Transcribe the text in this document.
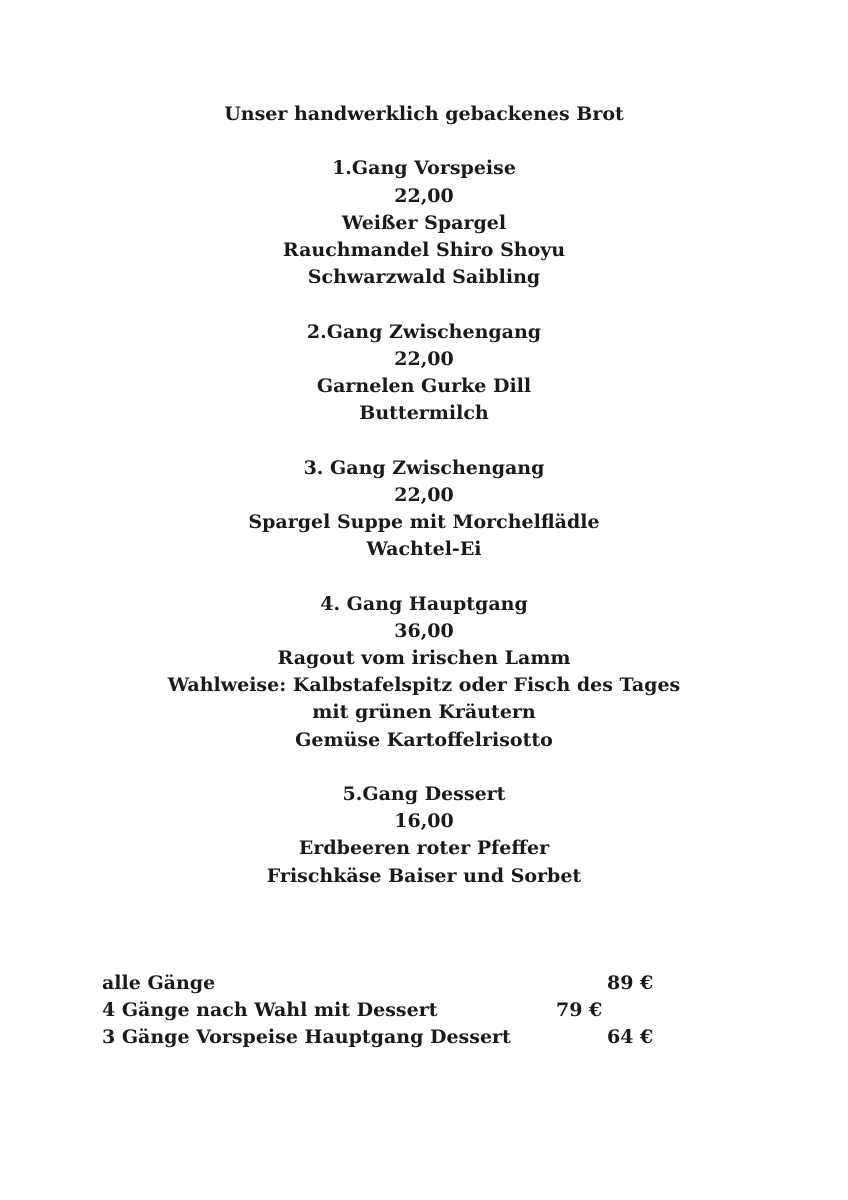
Unser handwerklich gebackenes Brot
1.Gang Vorspeise
22,00
Weißer Spargel
Rauchmandel Shiro Shoyu
Schwarzwald Saibling
2.Gang Zwischengang
22,00
Garnelen Gurke Dill
Buttermilch
3. Gang Zwischengang
22,00
Spargel Suppe mit Morchelflädle
Wachtel-Ei
4. Gang Hauptgang
36,00
Ragout vom irischen Lamm
Wahlweise: Kalbstafelspitz oder Fisch des Tages
mit grünen Kräutern
Gemüse Kartoffelrisotto
5.Gang Dessert
16,00
Erdbeeren roter Pfeffer
Frischkäse Baiser und Sorbet
alle Gänge	89 €
4 Gänge nach Wahl mit Dessert	79 €
3 Gänge Vorspeise Hauptgang Dessert	64 €
